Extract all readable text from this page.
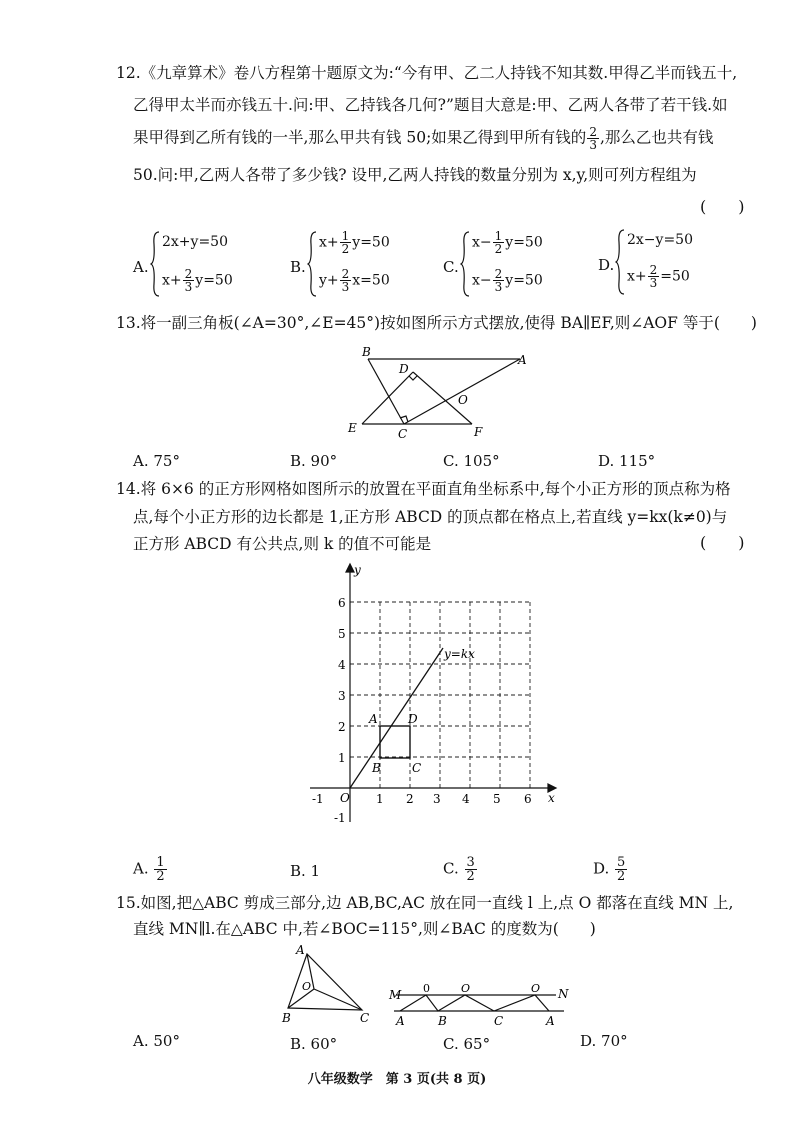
12.《九章算术》卷八方程第十题原文为:“今有甲、乙二人持钱不知其数.甲得乙半而钱五十,
乙得甲太半而亦钱五十.问:甲、乙持钱各几何?”题目大意是:甲、乙两人各带了若干钱.如
果甲得到乙所有钱的一半,那么甲共有钱 50;如果乙得到甲所有钱的 $\frac{2}{3}$ ,那么乙也共有钱
50.问:甲,乙两人各带了多少钱? 设甲,乙两人持钱的数量分别为 x,y,则可列方程组为
(　　)
A.
2x+y=50
$x+ \frac{2}{3} y=50$
B.
$x+ \frac{1}{2} y=50$
$y+ \frac{2}{3} x=50$
C.
$x- \frac{1}{2} y=50$
$x- \frac{2}{3} y=50$
D.
2x−y=50
$x+ \frac{2}{3} =50$
13.将一副三角板(∠A=30°,∠E=45°)按如图所示方式摆放,使得 BA∥EF,则∠AOF 等于(　　)
B
A
D
O
E	C	F
A. 75°	B. 90°	C. 105°	D. 115°
14.将 6×6 的正方形网格如图所示的放置在平面直角坐标系中,每个小正方形的顶点称为格
点,每个小正方形的边长都是 1,正方形 ABCD 的顶点都在格点上,若直线 y=kx(k≠0)与
正方形 ABCD 有公共点,则 k 的值不可能是	(　　)
y
x
O
y=kx
-1	1 2 3 4 5 6
6
5
4
3
2
1
-1
A
B	C
D
A. $\frac{1}{2}$	B. 1	C. $\frac{3}{2}$	D. $\frac{5}{2}$
15.如图,把△ABC 剪成三部分,边 AB,BC,AC 放在同一直线 l 上,点 O 都落在直线 MN 上,
直线 MN∥l.在△ABC 中,若∠BOC=115°,则∠BAC 的度数为(　　)
A
O
B	C
M 0	O	O N
A	B	C	A
A. 50°	B. 60°	C. 65°	D. 70°
八年级数学　第 3 页(共 8 页)
